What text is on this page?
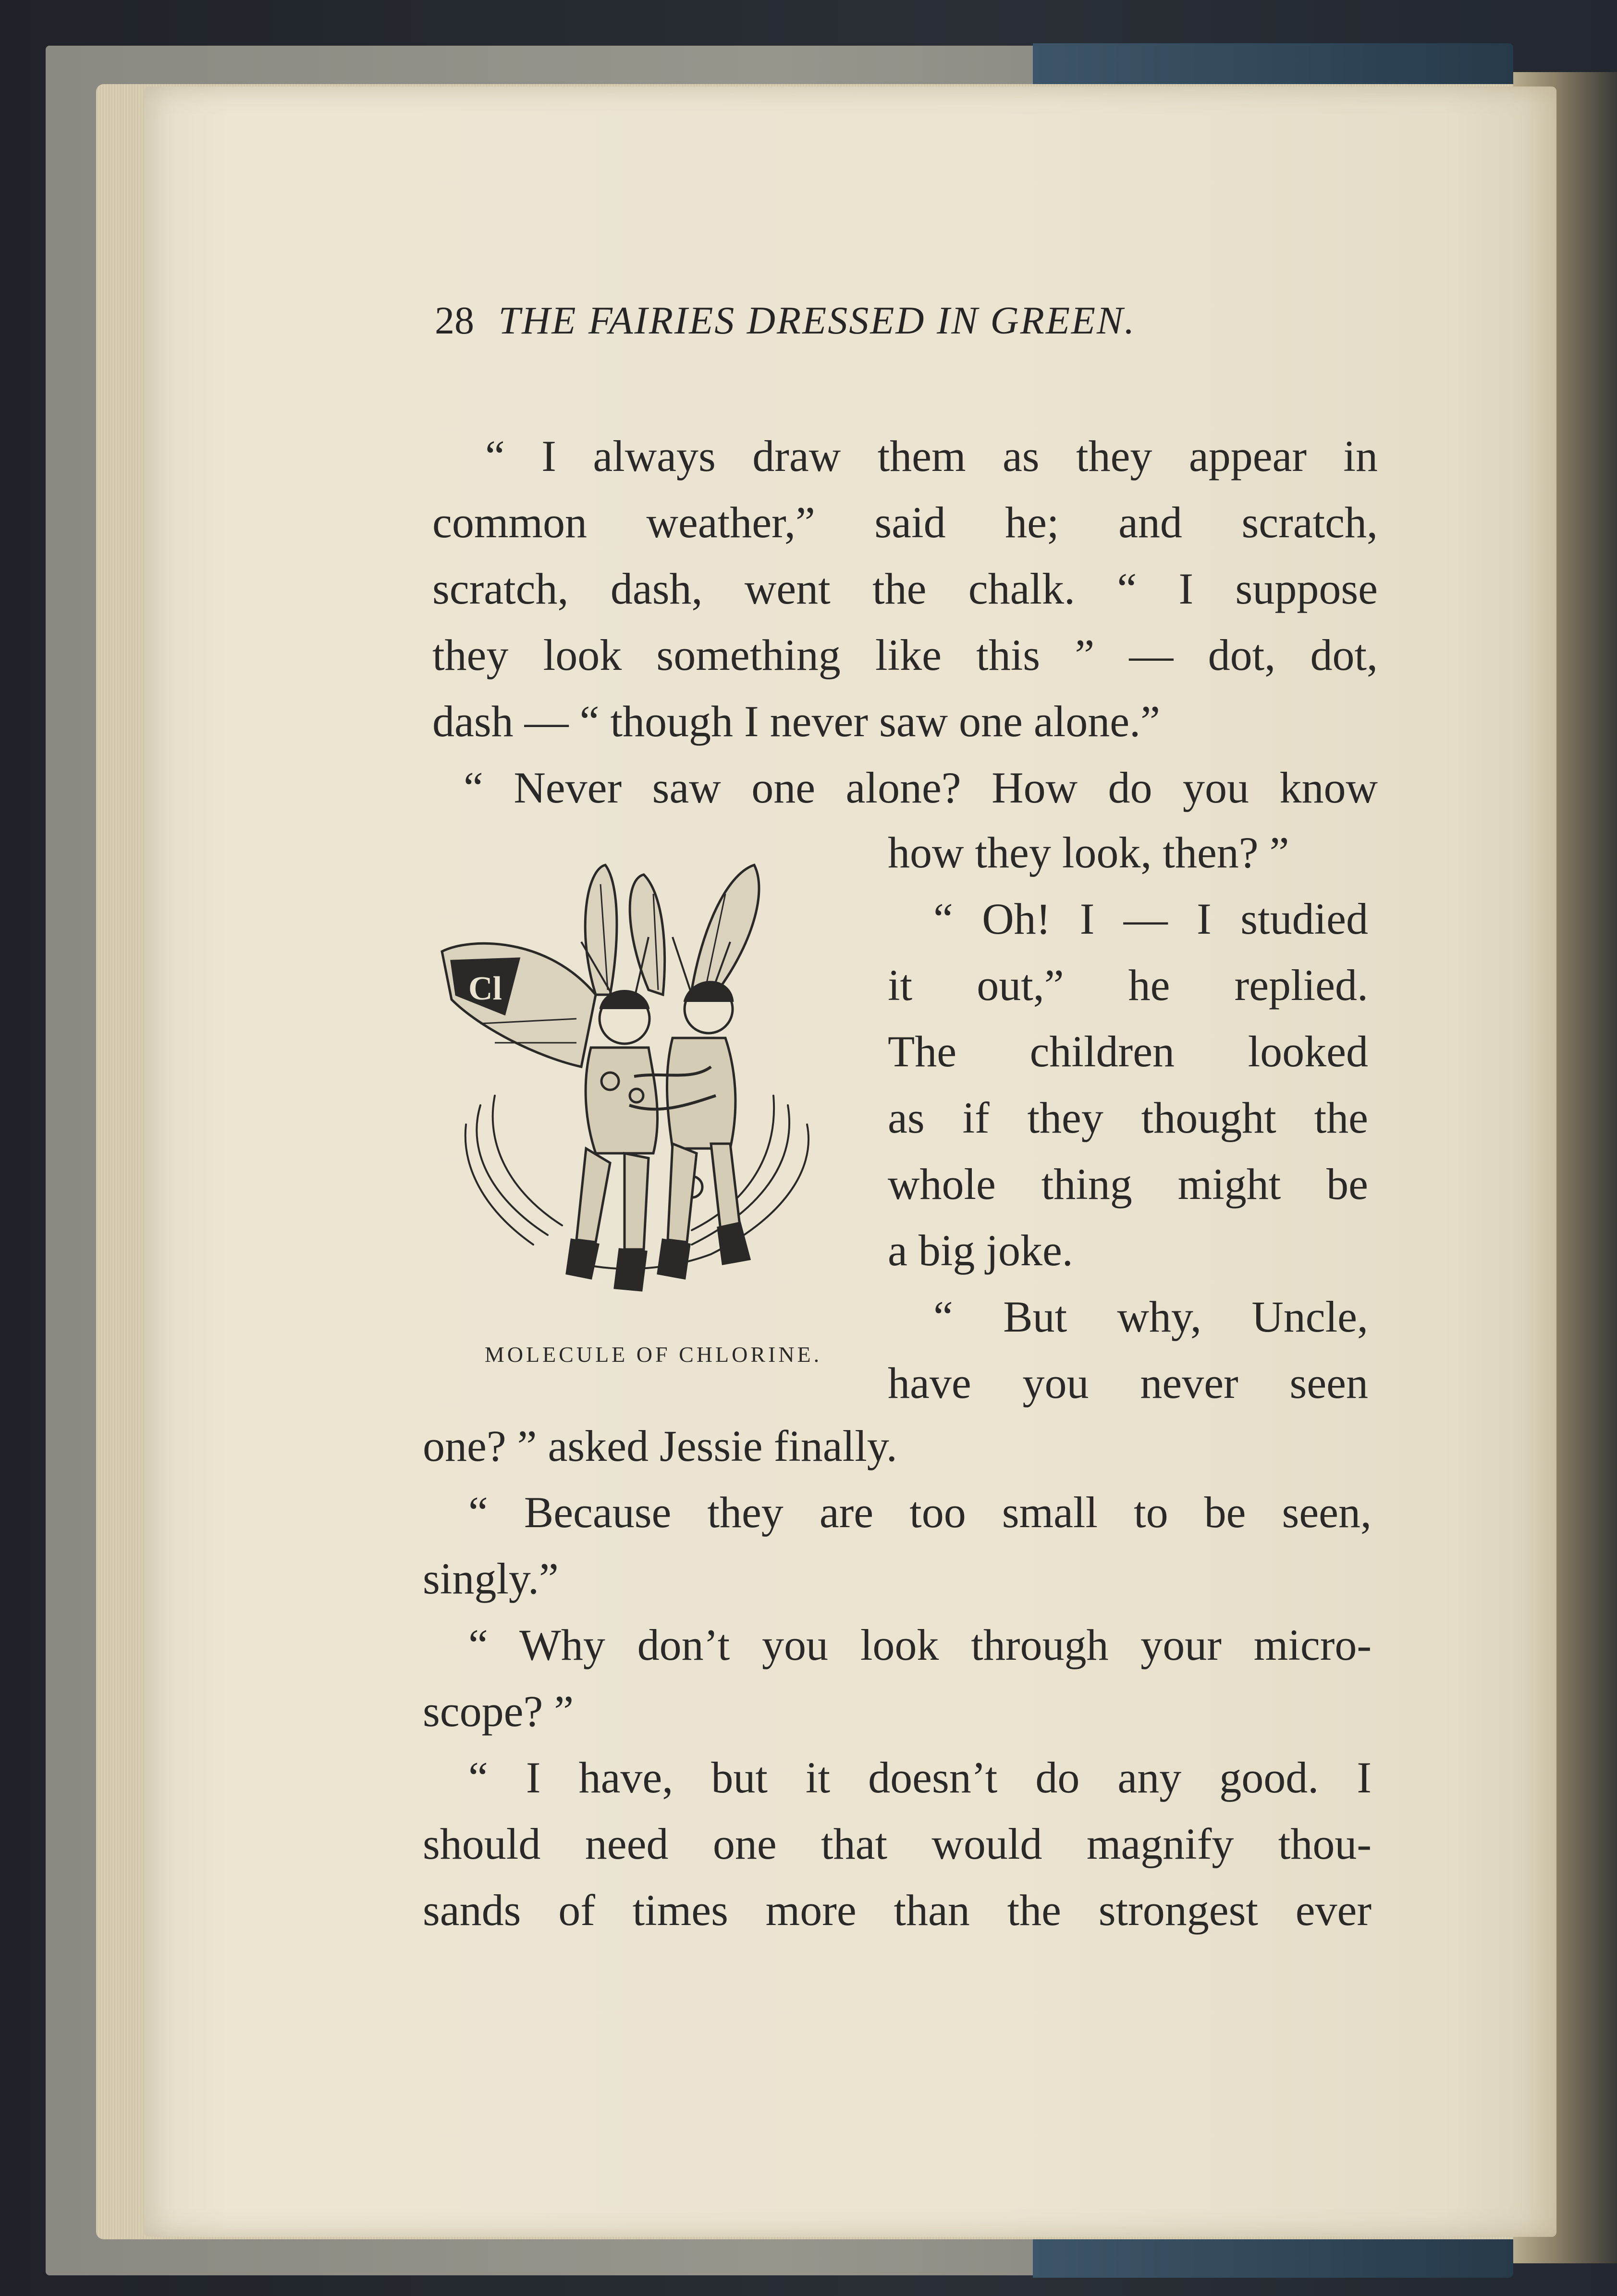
28 THE FAIRIES DRESSED IN GREEN.
“ I always draw them as they appear in
common weather,” said he; and scratch,
scratch, dash, went the chalk. “ I suppose
they look something like this ” — dot, dot,
dash — “ though I never saw one alone.”
“ Never saw one alone? How do you know
how they look, then? ”
“ Oh! I — I studied
it out,” he replied.
The children looked
as if they thought the
whole thing might be
a big joke.
“ But why, Uncle,
have you never seen
Cl
MOLECULE OF CHLORINE.
one? ” asked Jessie finally.
“ Because they are too small to be seen,
singly.”
“ Why don’t you look through your micro-
scope? ”
“ I have, but it doesn’t do any good. I
should need one that would magnify thou-
sands of times more than the strongest ever
